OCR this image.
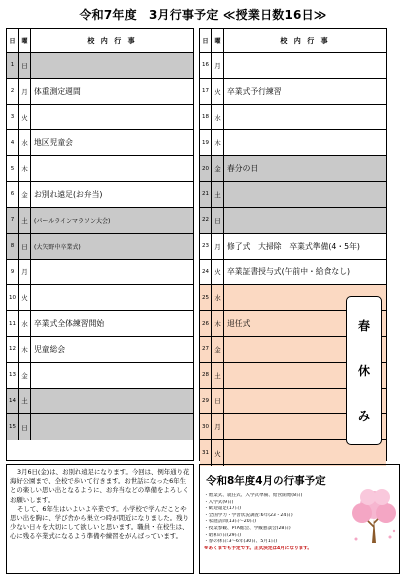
令和7年度　3月行事予定 ≪授業日数16日≫
日 曜	校 内 行 事
1	日
2	月 体重測定週間
3	火
4	水 地区児童会
5	木
6	金 お別れ遠足(お弁当)
7	土	(パールラインマラソン大会)
8	日	(大矢野中卒業式)
9	月
10 火
11 水 卒業式全体練習開始
12 木 児童総会
13 金
14 土
15 日
日 曜	校 内 行 事
16 月
17 火 卒業式予行練習
18 水
19 木
20 金 春分の日
21 土
22 日
23 月 修了式　大掃除　卒業式準備(4・5年)
24 火 卒業証書授与式(午前中・給食なし)
25 水
26 木 退任式
27 金
28 土
29 日
30 月
31 火
春
休
み

3月6日(金)は、お別れ遠足になります。今回は、例年通り花海好公園まで、全校で歩いて行きます。お世話になった6年生との楽しい思い出となるように、お弁当などの準備をよろしくお願いします。

そして、6年生はいよいよ卒業です。小学校で学んだことや思い出を胸に、学び舎から巣立つ時が間近になりました。残り少ない日々を大切にして欲しいと思います。職員・在校生は、心に残る卒業式になるよう準備や練習をがんばっています。

令和8年度4月の行事予定
・始業式、就任式、入学式準備、給食開始(8日)
・入学式(9日)
・歓迎遠足(17日)
・全国学力・学習状況調査:6年(23・24日)
・家庭訪問(13日〜20日)
・授業参観、PTA総会、学級懇談会(28日)
・昭和の日(29日)
・春の休日:3〜6年(30日、5月1日)
※あくまでも予定です。正式決定は4月になります。
